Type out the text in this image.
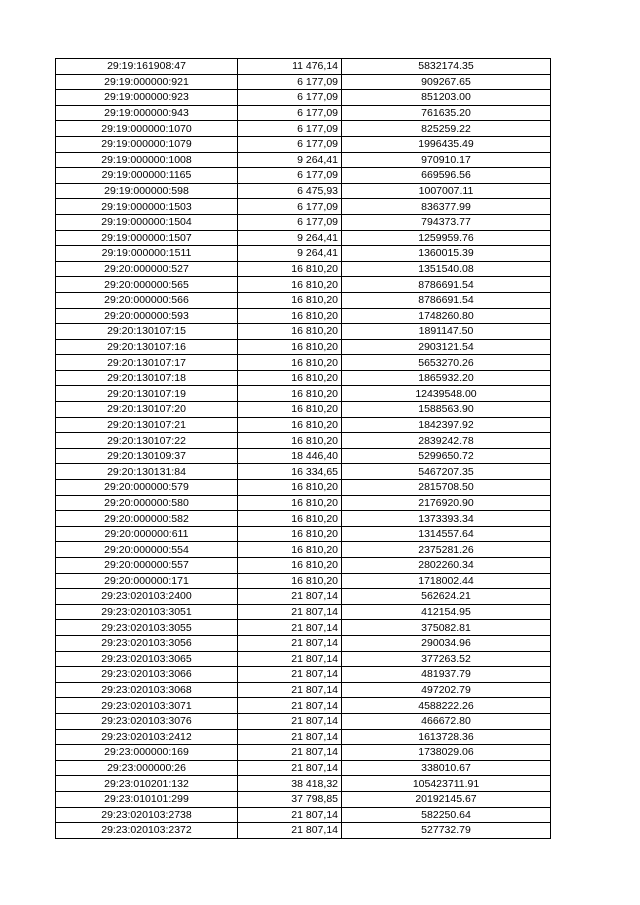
29:19:161908:47	11 476,14	5832174.35
29:19:000000:921	6 177,09	909267.65
29:19:000000:923	6 177,09	851203.00
29:19:000000:943	6 177,09	761635.20
29:19:000000:1070	6 177,09	825259.22
29:19:000000:1079	6 177,09	1996435.49
29:19:000000:1008	9 264,41	970910.17
29:19:000000:1165	6 177,09	669596.56
29:19:000000:598	6 475,93	1007007.11
29:19:000000:1503	6 177,09	836377.99
29:19:000000:1504	6 177,09	794373.77
29:19:000000:1507	9 264,41	1259959.76
29:19:000000:1511	9 264,41	1360015.39
29:20:000000:527	16 810,20	1351540.08
29:20:000000:565	16 810,20	8786691.54
29:20:000000:566	16 810,20	8786691.54
29:20:000000:593	16 810,20	1748260.80
29:20:130107:15	16 810,20	1891147.50
29:20:130107:16	16 810,20	2903121.54
29:20:130107:17	16 810,20	5653270.26
29:20:130107:18	16 810,20	1865932.20
29:20:130107:19	16 810,20	12439548.00
29:20:130107:20	16 810,20	1588563.90
29:20:130107:21	16 810,20	1842397.92
29:20:130107:22	16 810,20	2839242.78
29:20:130109:37	18 446,40	5299650.72
29:20:130131:84	16 334,65	5467207.35
29:20:000000:579	16 810,20	2815708.50
29:20:000000:580	16 810,20	2176920.90
29:20:000000:582	16 810,20	1373393.34
29:20:000000:611	16 810,20	1314557.64
29:20:000000:554	16 810,20	2375281.26
29:20:000000:557	16 810,20	2802260.34
29:20:000000:171	16 810,20	1718002.44
29:23:020103:2400	21 807,14	562624.21
29:23:020103:3051	21 807,14	412154.95
29:23:020103:3055	21 807,14	375082.81
29:23:020103:3056	21 807,14	290034.96
29:23:020103:3065	21 807,14	377263.52
29:23:020103:3066	21 807,14	481937.79
29:23:020103:3068	21 807,14	497202.79
29:23:020103:3071	21 807,14	4588222.26
29:23:020103:3076	21 807,14	466672.80
29:23:020103:2412	21 807,14	1613728.36
29:23:000000:169	21 807,14	1738029.06
29:23:000000:26	21 807,14	338010.67
29:23:010201:132	38 418,32	105423711.91
29:23:010101:299	37 798,85	20192145.67
29:23:020103:2738	21 807,14	582250.64
29:23:020103:2372	21 807,14	527732.79
